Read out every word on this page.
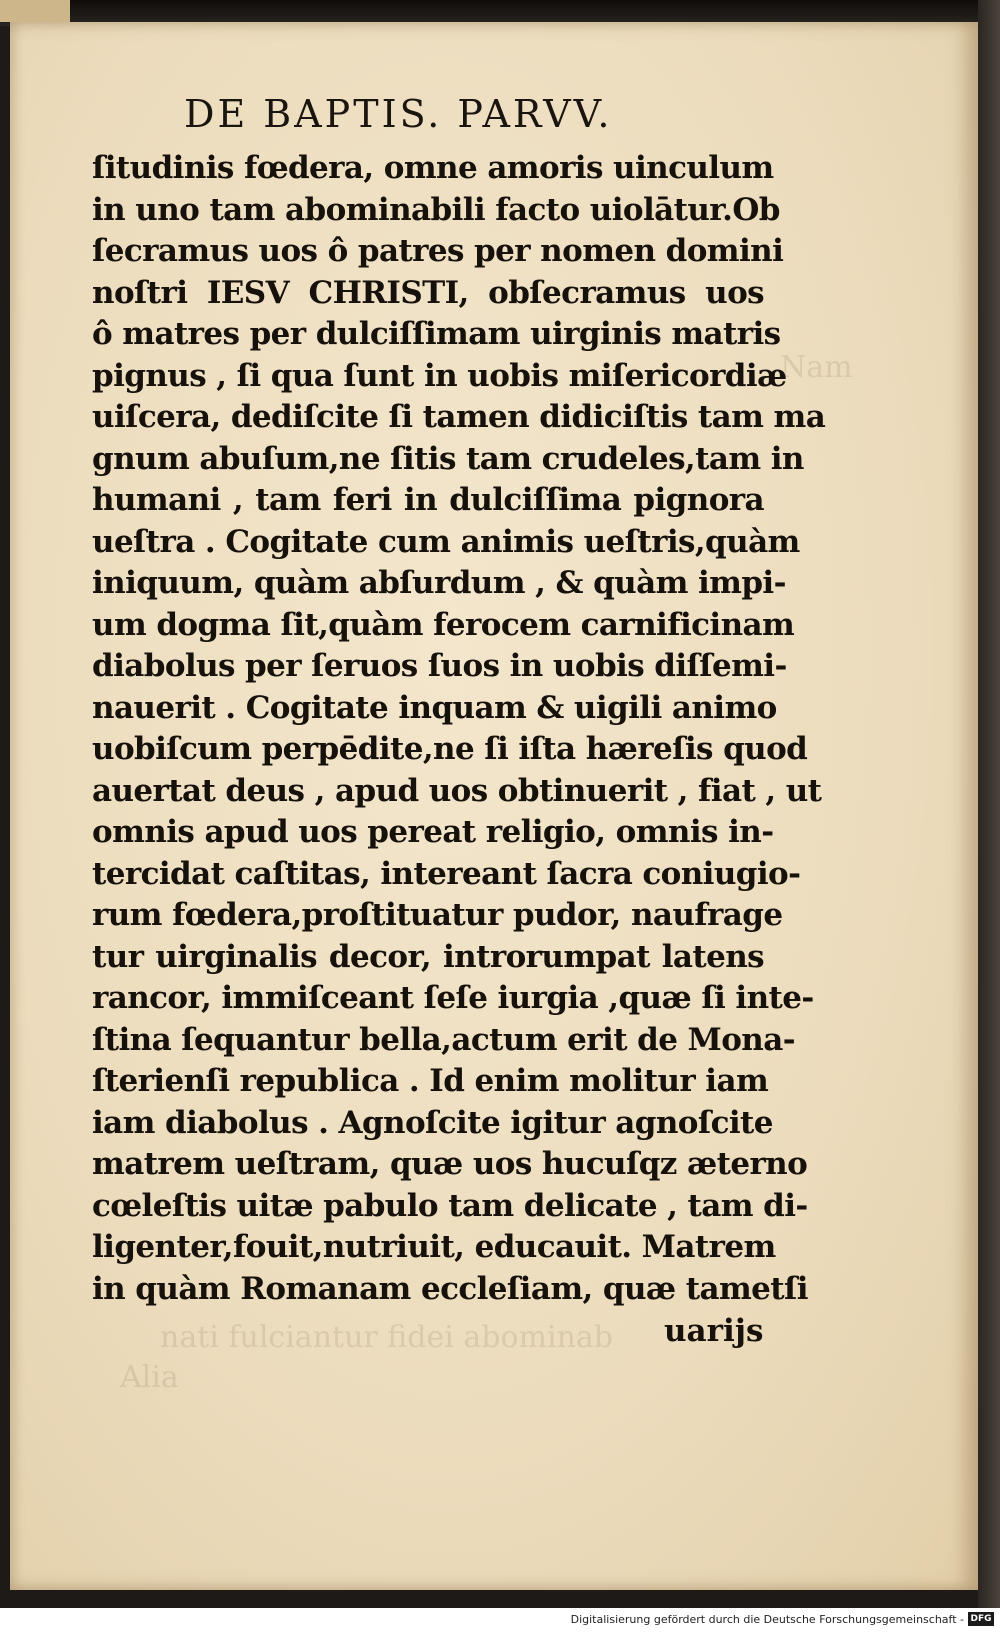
Nam
nati fulciantur fidei abominab
Alia
DE BAPTIS. PARVV.
ſitudinis fœdera, omne amoris uinculum
in uno tam abominabili facto uiolātur.Ob
ſecramus uos ô patres per nomen domini
noſtri IESV CHRISTI, obſecramus uos
ô matres per dulciſſimam uirginis matris
pignus , ſi qua ſunt in uobis miſericordiæ
uiſcera, dediſcite ſi tamen didiciſtis tam ma
gnum abuſum,ne ſitis tam crudeles,tam in
humani , tam feri in dulciſſima pignora
ueſtra . Cogitate cum animis ueſtris,quàm
iniquum, quàm abſurdum , & quàm impi-
um dogma ſit,quàm ferocem carnificinam
diabolus per ſeruos ſuos in uobis diſſemi-
nauerit . Cogitate inquam & uigili animo
uobiſcum perpēdite,ne ſi iſta hæreſis quod
auertat deus , apud uos obtinuerit , fiat , ut
omnis apud uos pereat religio, omnis in-
tercidat caſtitas, intereant ſacra coniugio-
rum fœdera,proſtituatur pudor, naufrage
tur uirginalis decor, introrumpat latens
rancor, immiſceant ſeſe iurgia ,quæ ſi inte-
ſtina ſequantur bella,actum erit de Mona-
ſterienſi republica . Id enim molitur iam
iam diabolus . Agnoſcite igitur agnoſcite
matrem ueſtram, quæ uos hucuſqz æterno
cœleſtis uitæ pabulo tam delicate , tam di-
ligenter,fouit,nutriuit, educauit. Matrem
in quàm Romanam eccleſiam, quæ tametſi
uarijs
Digitalisierung gefördert durch die Deutsche Forschungsgemeinschaft - DFG
